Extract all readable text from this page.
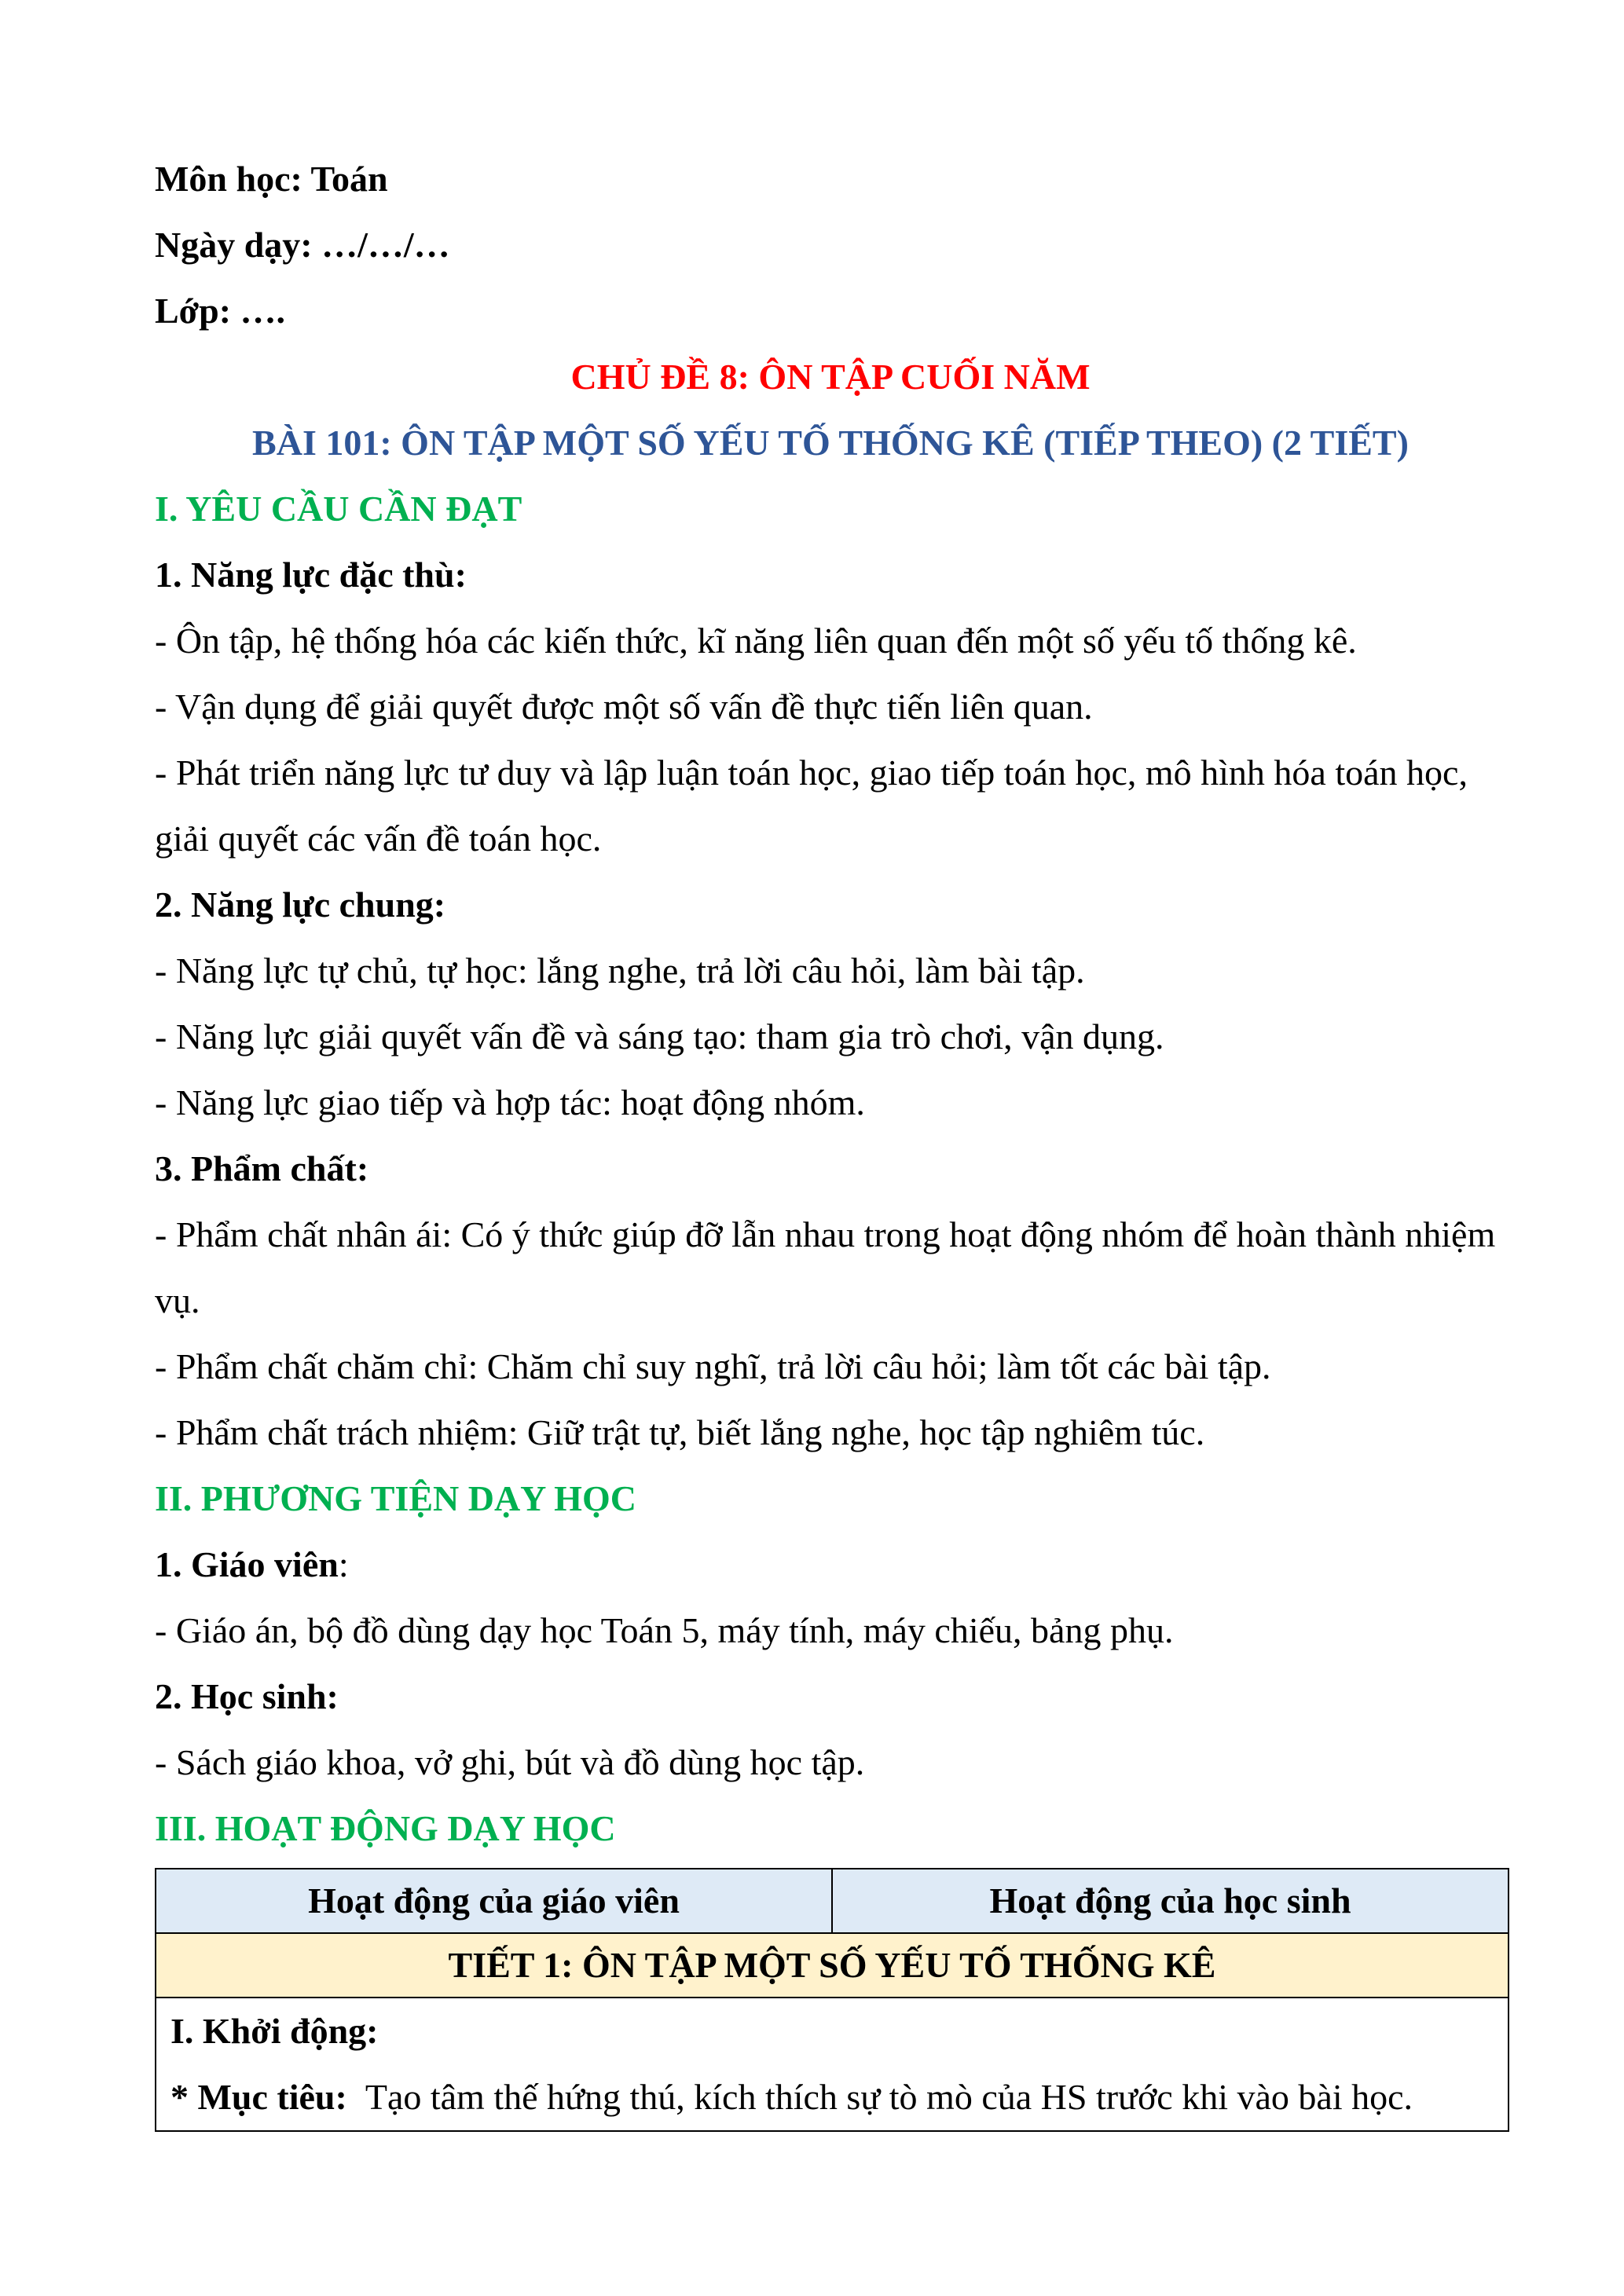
Môn học: Toán
Ngày dạy: …/…/…
Lớp: ….
CHỦ ĐỀ 8: ÔN TẬP CUỐI NĂM
BÀI 101: ÔN TẬP MỘT SỐ YẾU TỐ THỐNG KÊ (TIẾP THEO) (2 TIẾT)
I. YÊU CẦU CẦN ĐẠT
1. Năng lực đặc thù:
- Ôn tập, hệ thống hóa các kiến thức, kĩ năng liên quan đến một số yếu tố thống kê.
- Vận dụng để giải quyết được một số vấn đề thực tiến liên quan.
- Phát triển năng lực tư duy và lập luận toán học, giao tiếp toán học, mô hình hóa toán học, giải quyết các vấn đề toán học.
2. Năng lực chung:
- Năng lực tự chủ, tự học: lắng nghe, trả lời câu hỏi, làm bài tập.
- Năng lực giải quyết vấn đề và sáng tạo: tham gia trò chơi, vận dụng.
- Năng lực giao tiếp và hợp tác: hoạt động nhóm.
3. Phẩm chất:
- Phẩm chất nhân ái: Có ý thức giúp đỡ lẫn nhau trong hoạt động nhóm để hoàn thành nhiệm vụ.
- Phẩm chất chăm chỉ: Chăm chỉ suy nghĩ, trả lời câu hỏi; làm tốt các bài tập.
- Phẩm chất trách nhiệm: Giữ trật tự, biết lắng nghe, học tập nghiêm túc.
II. PHƯƠNG TIỆN DẠY HỌC
1. Giáo viên:
- Giáo án, bộ đồ dùng dạy học Toán 5, máy tính, máy chiếu, bảng phụ.
2. Học sinh:
- Sách giáo khoa, vở ghi, bút và đồ dùng học tập.
III. HOẠT ĐỘNG DẠY HỌC
Hoạt động của giáo viên	Hoạt động của học sinh
TIẾT 1: ÔN TẬP MỘT SỐ YẾU TỐ THỐNG KÊ

I. Khởi động:
* Mục tiêu: Tạo tâm thế hứng thú, kích thích sự tò mò của HS trước khi vào bài học.
